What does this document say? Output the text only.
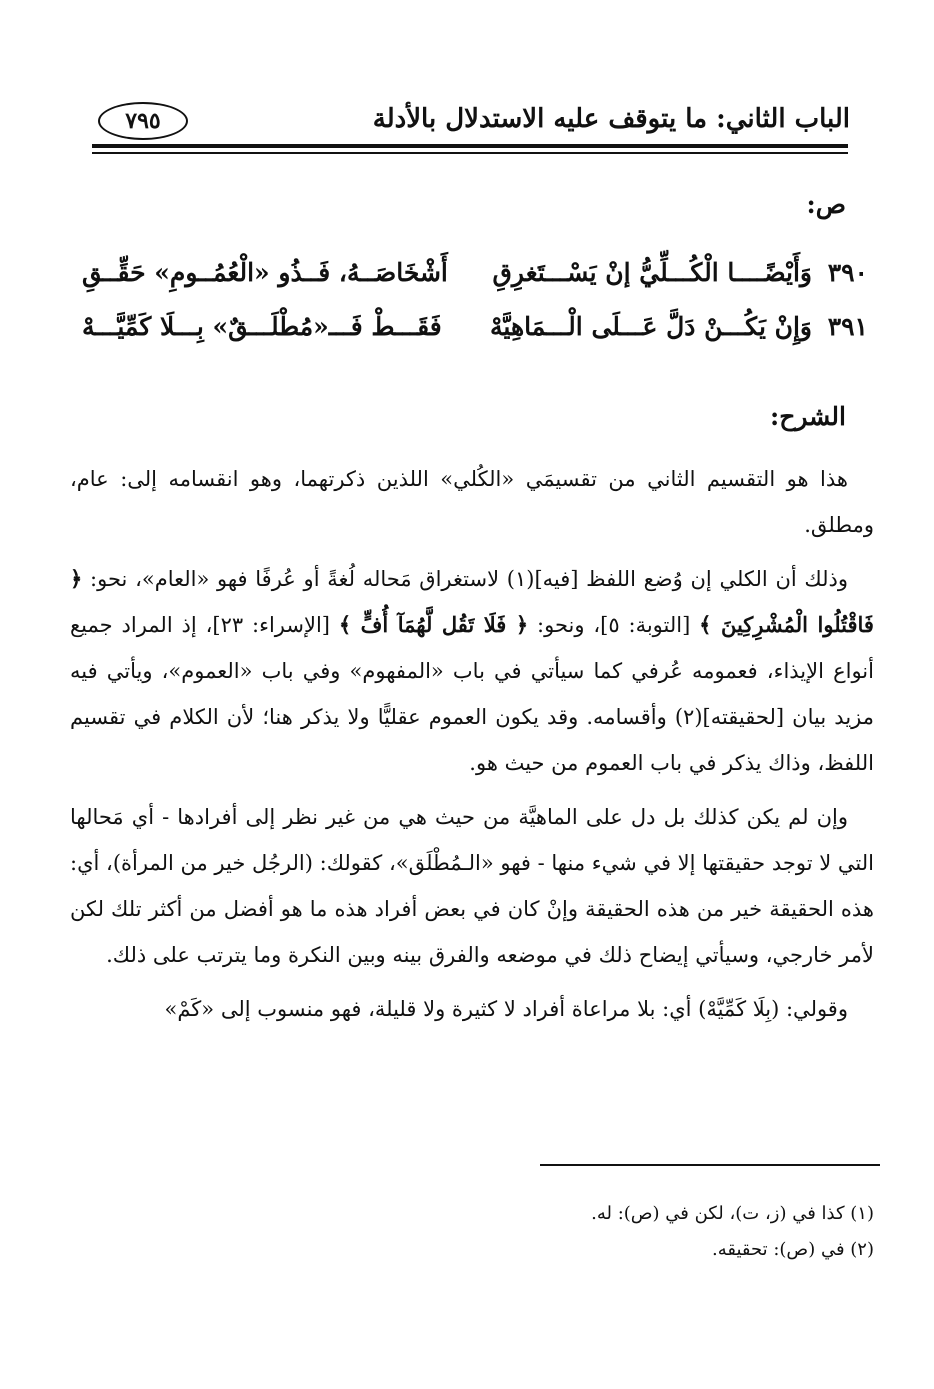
الباب الثاني: ما يتوقف عليه الاستدلال بالأدلة
٧٩٥
ص:
٣٩٠
وَأَيْضًــــا الْكُـــلِّيُّ إنْ يَسْـــتَغرِقِ
أَشْخَاصَــهُ، فَــذُو «الْعُمُــومِ» حَقِّــقِ
٣٩١
وَإِنْ يَكُـــنْ دَلَّ عَـــلَى الْـــمَاهِيَّهْ
فَقَـــطْ فَـــ«مُطْلَـــقٌ» بِـــلَا كَمِّيَّـــهْ
الشرح:

هذا هو التقسيم الثاني من تقسيمَي «الكُلي» اللذين ذكرتهما، وهو انقسامه إلى: عام، ومطلق.

وذلك أن الكلي إن وُضع اللفظ [فيه](١) لاستغراق مَحاله لُغةً أو عُرفًا فهو «العام»، نحو: ﴿ فَاقْتُلُوا الْمُشْرِكِينَ ﴾ [التوبة: ٥]، ونحو: ﴿ فَلَا تَقُل لَّهُمَآ أُفٍّ ﴾ [الإسراء: ٢٣]، إذ المراد جميع أنواع الإيذاء، فعمومه عُرفي كما سيأتي في باب «المفهوم» وفي باب «العموم»، ويأتي فيه مزيد بيان [لحقيقته](٢) وأقسامه. وقد يكون العموم عقليًّا ولا يذكر هنا؛ لأن الكلام في تقسيم اللفظ، وذاك يذكر في باب العموم من حيث هو.

وإن لم يكن كذلك بل دل على الماهيَّة من حيث هي من غير نظر إلى أفرادها - أي مَحالها التي لا توجد حقيقتها إلا في شيء منها - فهو «الـمُطْلَق»، كقولك: (الرجُل خير من المرأة)، أي: هذه الحقيقة خير من هذه الحقيقة وإنْ كان في بعض أفراد هذه ما هو أفضل من أكثر تلك لكن لأمر خارجي، وسيأتي إيضاح ذلك في موضعه والفرق بينه وبين النكرة وما يترتب على ذلك.

وقولي: (بِلَا كَمِّيَّهْ) أي: بلا مراعاة أفراد لا كثيرة ولا قليلة، فهو منسوب إلى «كَمْ»

(١) كذا في (ز، ت)، لكن في (ص): له.
(٢) في (ص): تحقيقه.
